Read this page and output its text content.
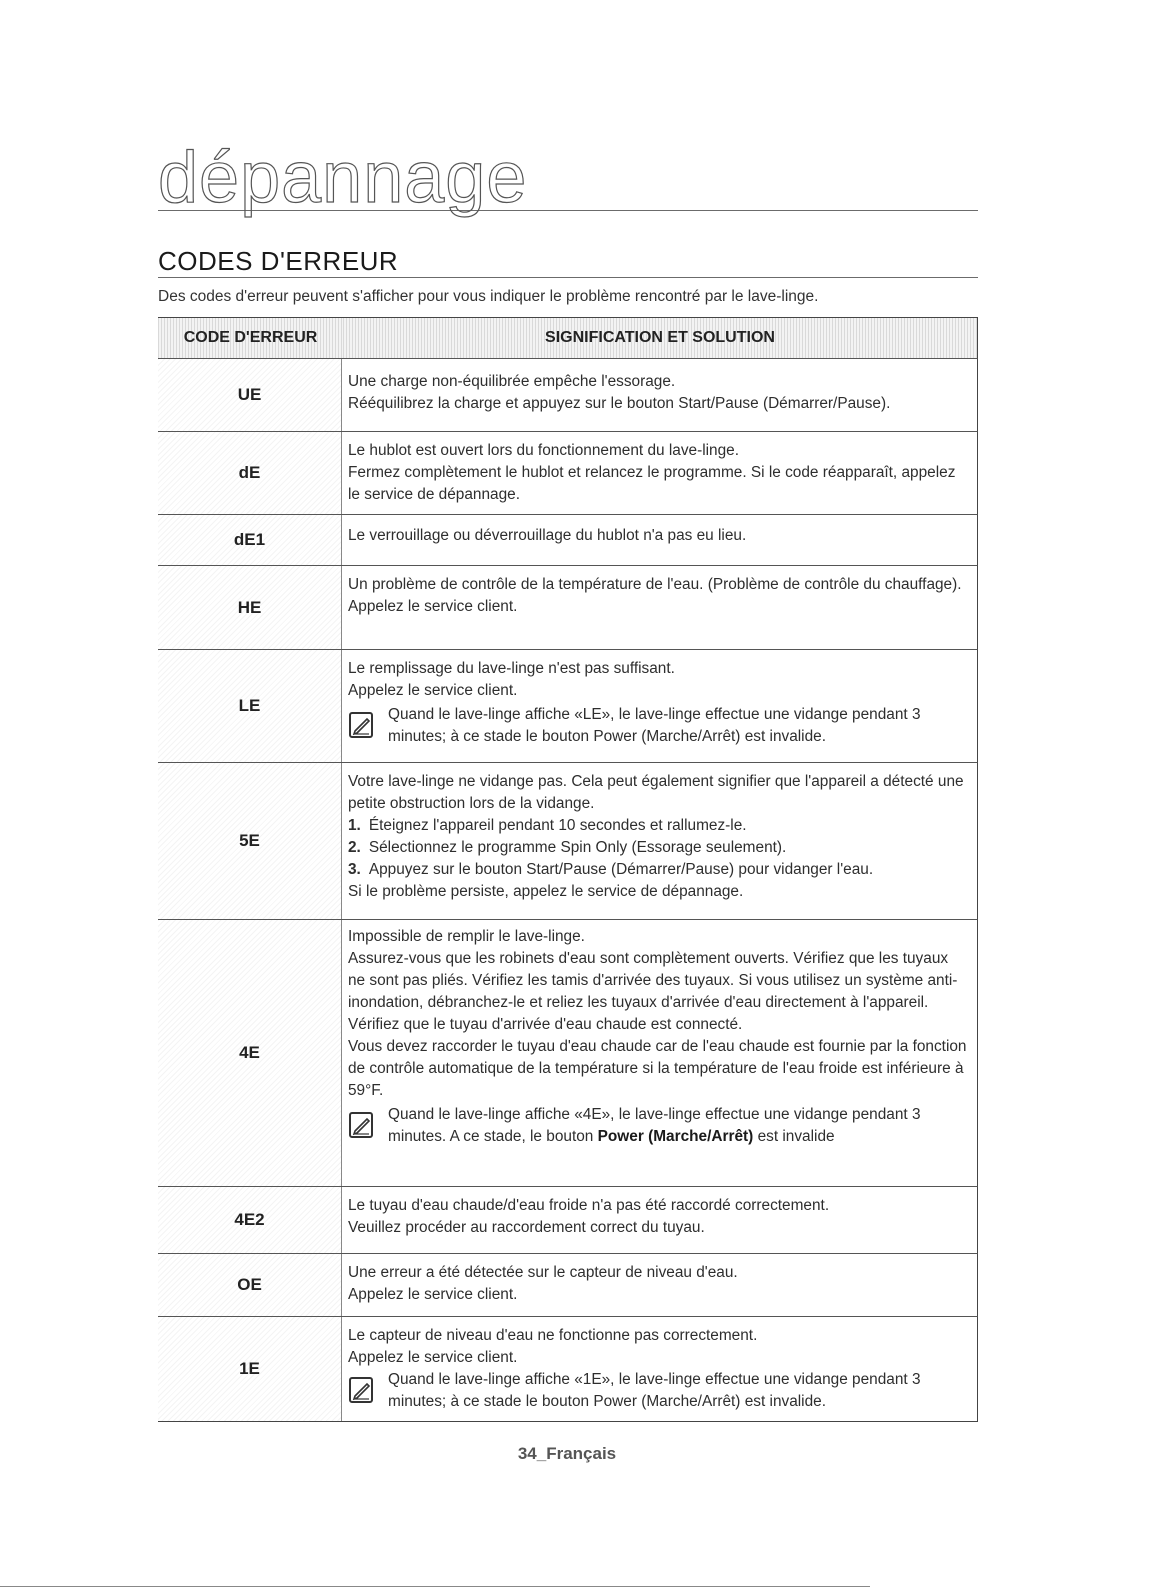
dépannage
CODES D'ERREUR
Des codes d'erreur peuvent s'afficher pour vous indiquer le problème rencontré par le lave-linge.
CODE D'ERREUR	SIGNIFICATION ET SOLUTION
UE

Une charge non-équilibrée empêche l'essorage.

Rééquilibrez la charge et appuyez sur le bouton Start/Pause (Démarrer/Pause).

dE

Le hublot est ouvert lors du fonctionnement du lave-linge.

Fermez complètement le hublot et relancez le programme. Si le code réapparaît, appelez le service de dépannage.

dE1	Le verrouillage ou déverrouillage du hublot n'a pas eu lieu.

HE

Un problème de contrôle de la température de l'eau. (Problème de contrôle du chauffage).

Appelez le service client.

LE

Le remplissage du lave-linge n'est pas suffisant.

Appelez le service client.

Quand le lave-linge affiche «LE», le lave-linge effectue une vidange pendant 3 minutes; à ce stade le bouton Power (Marche/Arrêt) est invalide.
5E

Votre lave-linge ne vidange pas. Cela peut également signifier que l'appareil a détecté une petite obstruction lors de la vidange.

1. Éteignez l'appareil pendant 10 secondes et rallumez-le.

2. Sélectionnez le programme Spin Only (Essorage seulement).

3. Appuyez sur le bouton Start/Pause (Démarrer/Pause) pour vidanger l'eau.

Si le problème persiste, appelez le service de dépannage.

4E

Impossible de remplir le lave-linge.

Assurez-vous que les robinets d'eau sont complètement ouverts. Vérifiez que les tuyaux ne sont pas pliés. Vérifiez les tamis d'arrivée des tuyaux. Si vous utilisez un système anti-inondation, débranchez-le et reliez les tuyaux d'arrivée d'eau directement à l'appareil.

Vérifiez que le tuyau d'arrivée d'eau chaude est connecté.

Vous devez raccorder le tuyau d'eau chaude car de l'eau chaude est fournie par la fonction de contrôle automatique de la température si la température de l'eau froide est inférieure à 59°F.

Quand le lave-linge affiche «4E», le lave-linge effectue une vidange pendant 3 minutes. A ce stade, le bouton Power (Marche/Arrêt) est invalide
4E2

Le tuyau d'eau chaude/d'eau froide n'a pas été raccordé correctement.

Veuillez procéder au raccordement correct du tuyau.

OE

Une erreur a été détectée sur le capteur de niveau d'eau.

Appelez le service client.

1E

Le capteur de niveau d'eau ne fonctionne pas correctement.

Appelez le service client.

Quand le lave-linge affiche «1E», le lave-linge effectue une vidange pendant 3 minutes; à ce stade le bouton Power (Marche/Arrêt) est invalide.
34_Français
